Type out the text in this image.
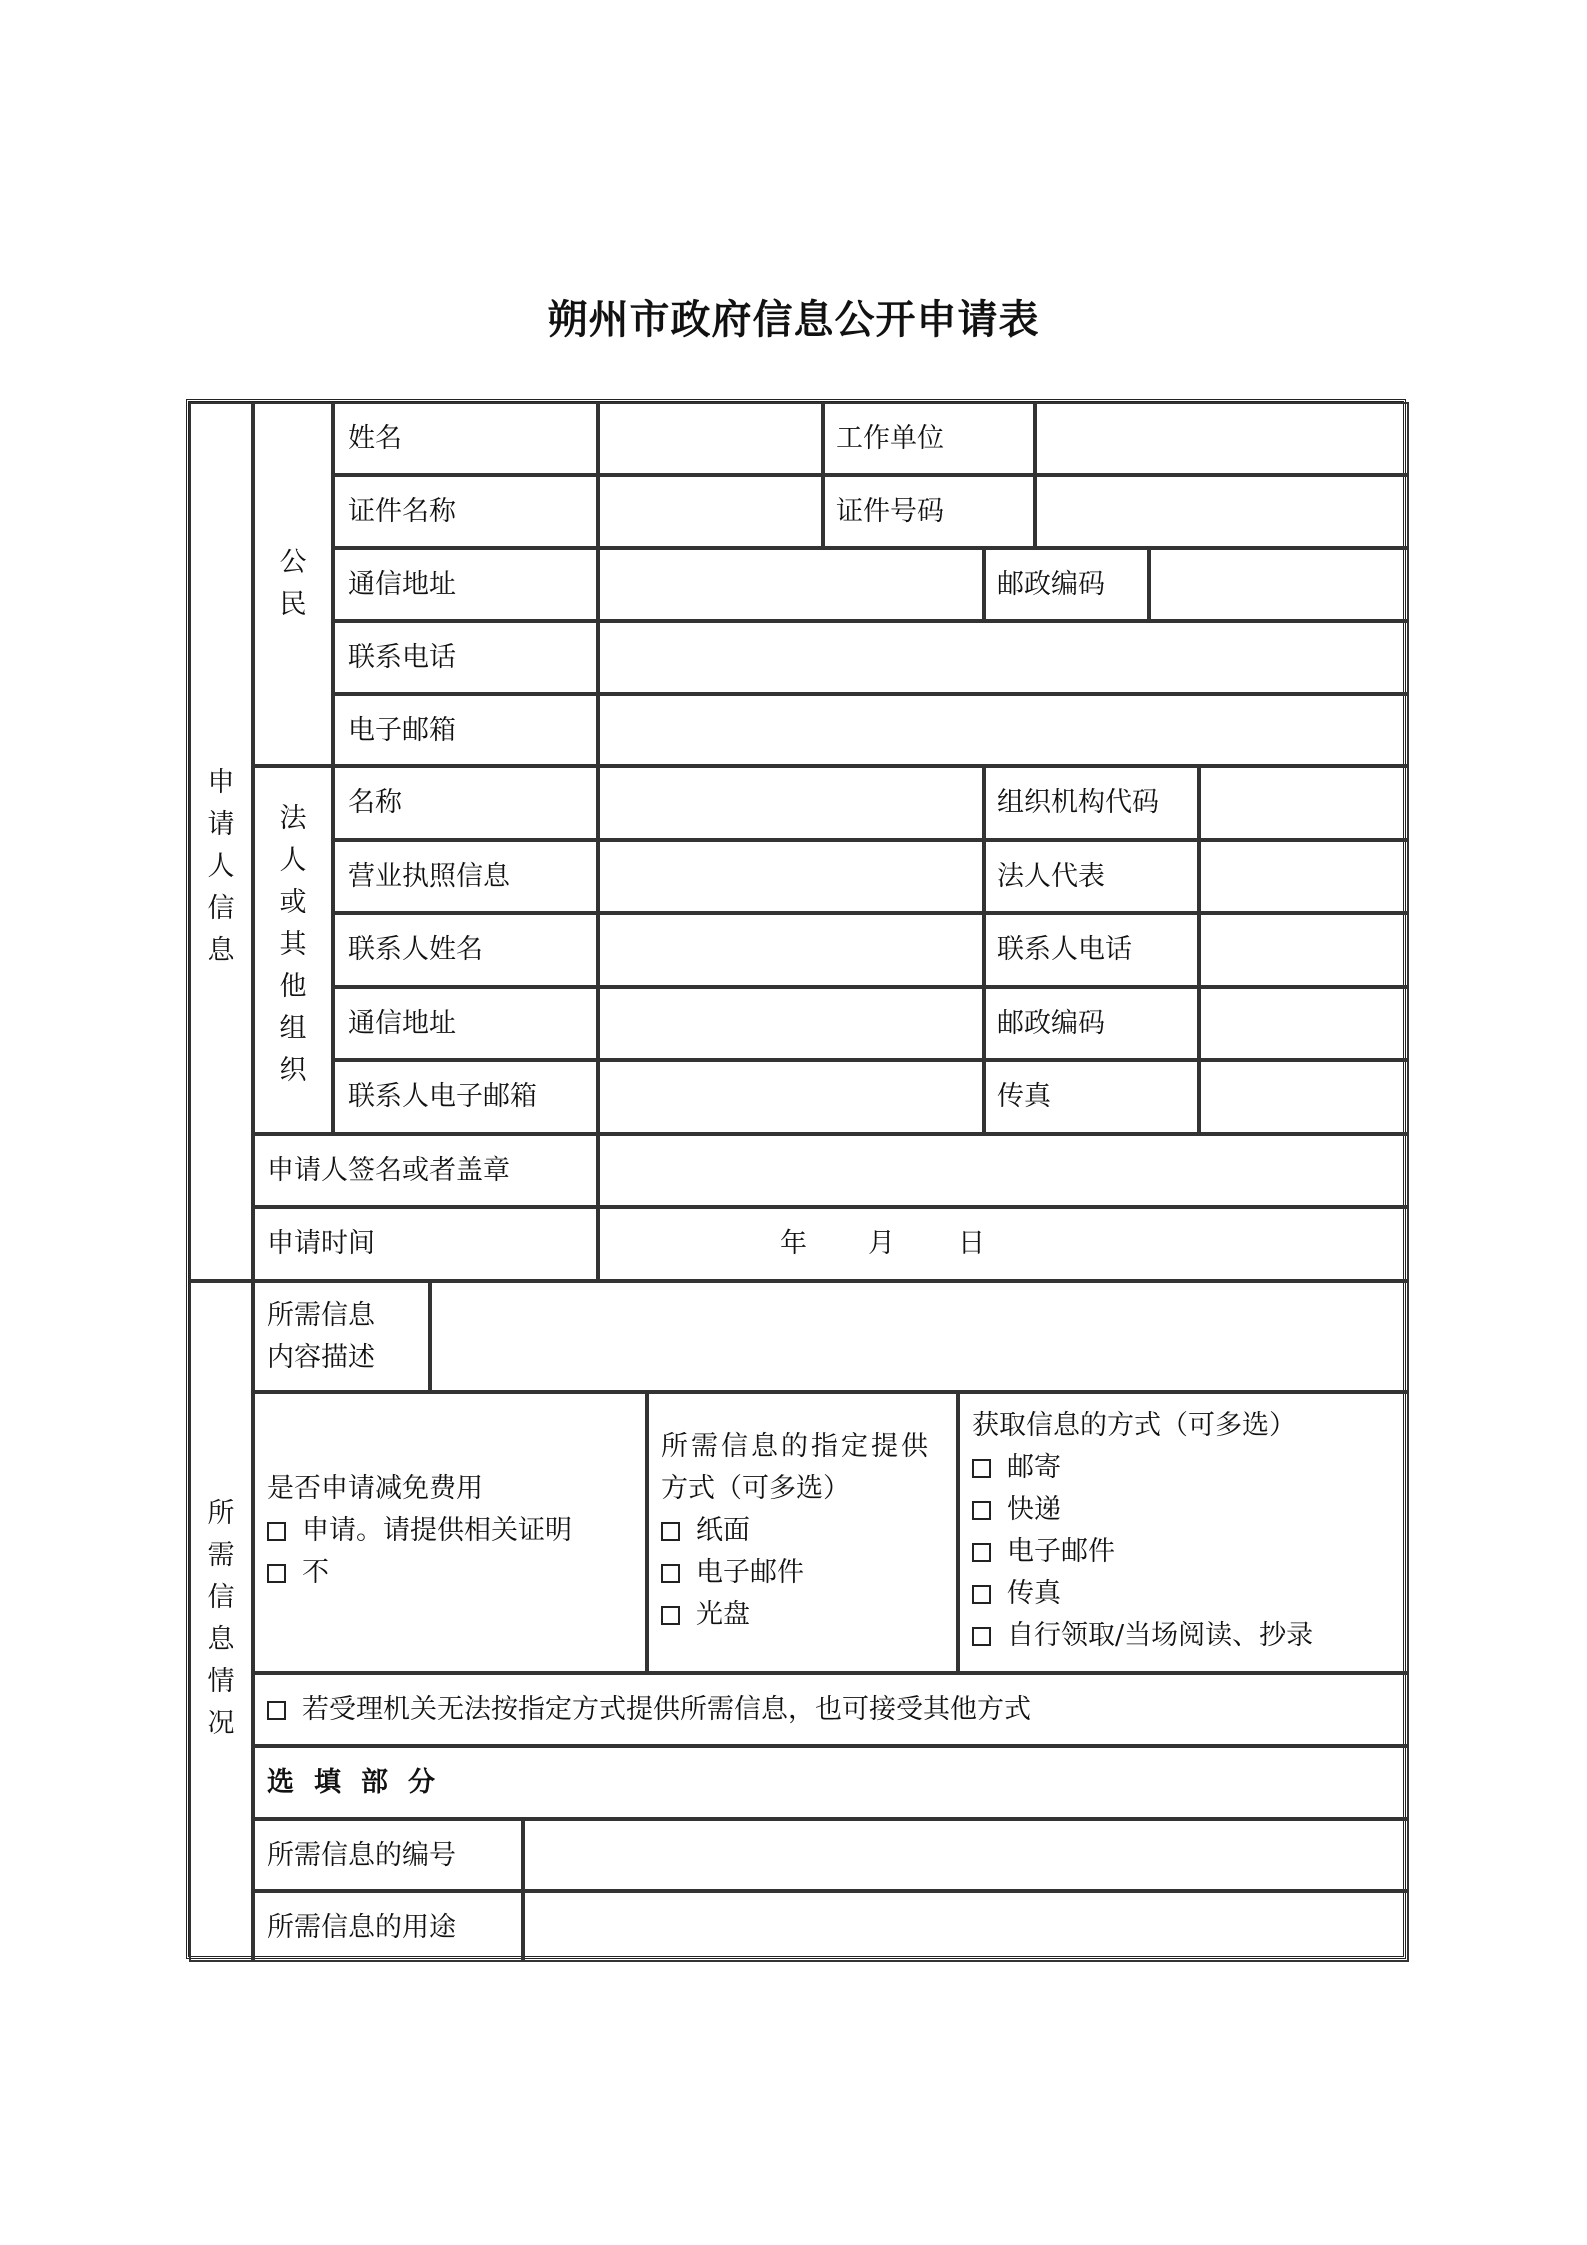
朔州市政府信息公开申请表
申
请
人
信
息
公
民
姓名	工作单位
证件名称	证件号码
通信地址	邮政编码
联系电话
电子邮箱
法
人
或
其
他
组
织
名称	组织机构代码
营业执照信息	法人代表
联系人姓名	联系人电话
通信地址	邮政编码
联系人电子邮箱	传真
申请人签名或者盖章
申请时间	年 月 日
所
需
信
息
情
况
所需信息
内容描述
是否申请减免费用
申请。请提供相关证明
不
所需信息的指定提供
方式（可多选）
纸面
电子邮件
光盘
获取信息的方式（可多选）
邮寄
快递
电子邮件
传真
自行领取/当场阅读、抄录
若受理机关无法按指定方式提供所需信息，也可接受其他方式
选填部分
所需信息的编号
所需信息的用途
